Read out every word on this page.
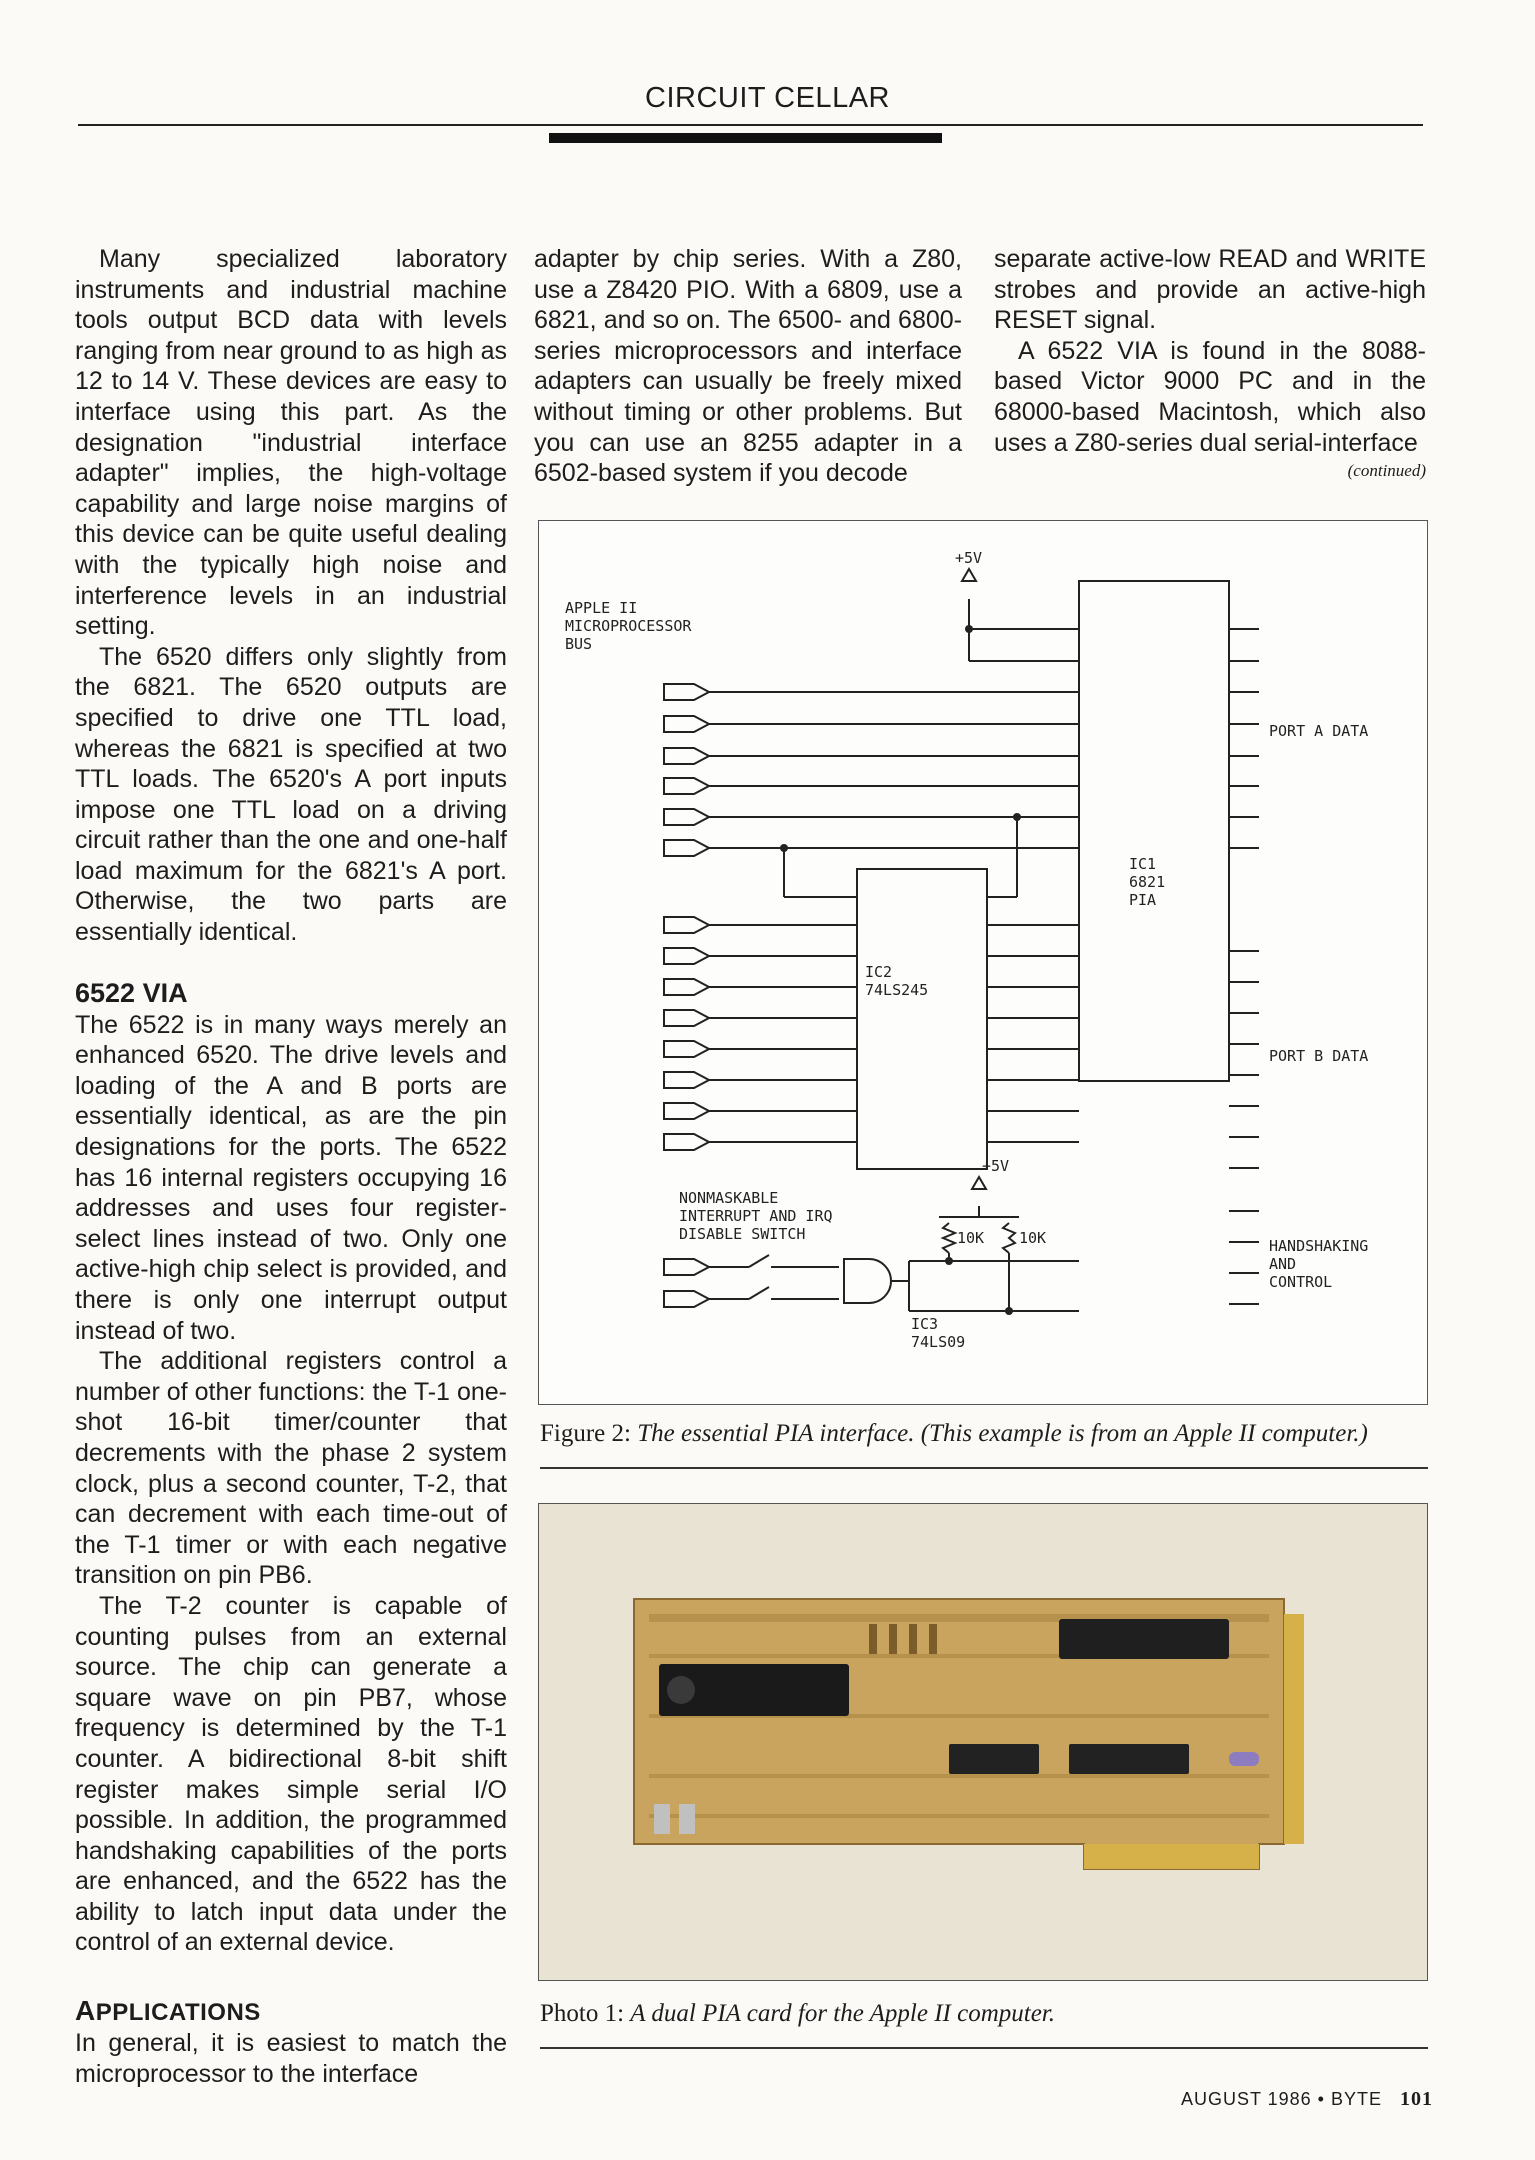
CIRCUIT CELLAR

Many specialized laboratory instruments and industrial machine tools output BCD data with levels ranging from near ground to as high as 12 to 14 V. These devices are easy to interface using this part. As the designation "industrial interface adapter" implies, the high-voltage capability and large noise margins of this device can be quite useful dealing with the typically high noise and interference levels in an industrial setting.

The 6520 differs only slightly from the 6821. The 6520 outputs are specified to drive one TTL load, whereas the 6821 is specified at two TTL loads. The 6520's A port inputs impose one TTL load on a driving circuit rather than the one and one-half load maximum for the 6821's A port. Otherwise, the two parts are essentially identical.

6522 VIA

The 6522 is in many ways merely an enhanced 6520. The drive levels and loading of the A and B ports are essentially identical, as are the pin designations for the ports. The 6522 has 16 internal registers occupying 16 addresses and uses four register-select lines instead of two. Only one active-high chip select is provided, and there is only one interrupt output instead of two.

The additional registers control a number of other functions: the T-1 one-shot 16-bit timer/counter that decrements with the phase 2 system clock, plus a second counter, T-2, that can decrement with each time-out of the T-1 timer or with each negative transition on pin PB6.

The T-2 counter is capable of counting pulses from an external source. The chip can generate a square wave on pin PB7, whose frequency is determined by the T-1 counter. A bidirectional 8-bit shift register makes simple serial I/O possible. In addition, the programmed handshaking capabilities of the ports are enhanced, and the 6522 has the ability to latch input data under the control of an external device.

APPLICATIONS

In general, it is easiest to match the microprocessor to the interface

adapter by chip series. With a Z80, use a Z8420 PIO. With a 6809, use a 6821, and so on. The 6500- and 6800-series microprocessors and interface adapters can usually be freely mixed without timing or other problems. But you can use an 8255 adapter in a 6502-based system if you decode

separate active-low READ and WRITE strobes and provide an active-high RESET signal.

A 6522 VIA is found in the 8088-based Victor 9000 PC and in the 68000-based Macintosh, which also uses a Z80-series dual serial-interface

(continued)
APPLE II
MICROPROCESSOR
BUS
+5V
+5V
IC1
6821
PIA
IC2
74LS245
IC3
74LS09
NONMASKABLE
INTERRUPT AND IRQ
DISABLE SWITCH	10K 10K
PORT A DATA
PORT B DATA
HANDSHAKING
AND
CONTROL
Figure 2: The essential PIA interface. (This example is from an Apple II computer.)
Photo 1: A dual PIA card for the Apple II computer.
AUGUST 1986 • BYTE 101
